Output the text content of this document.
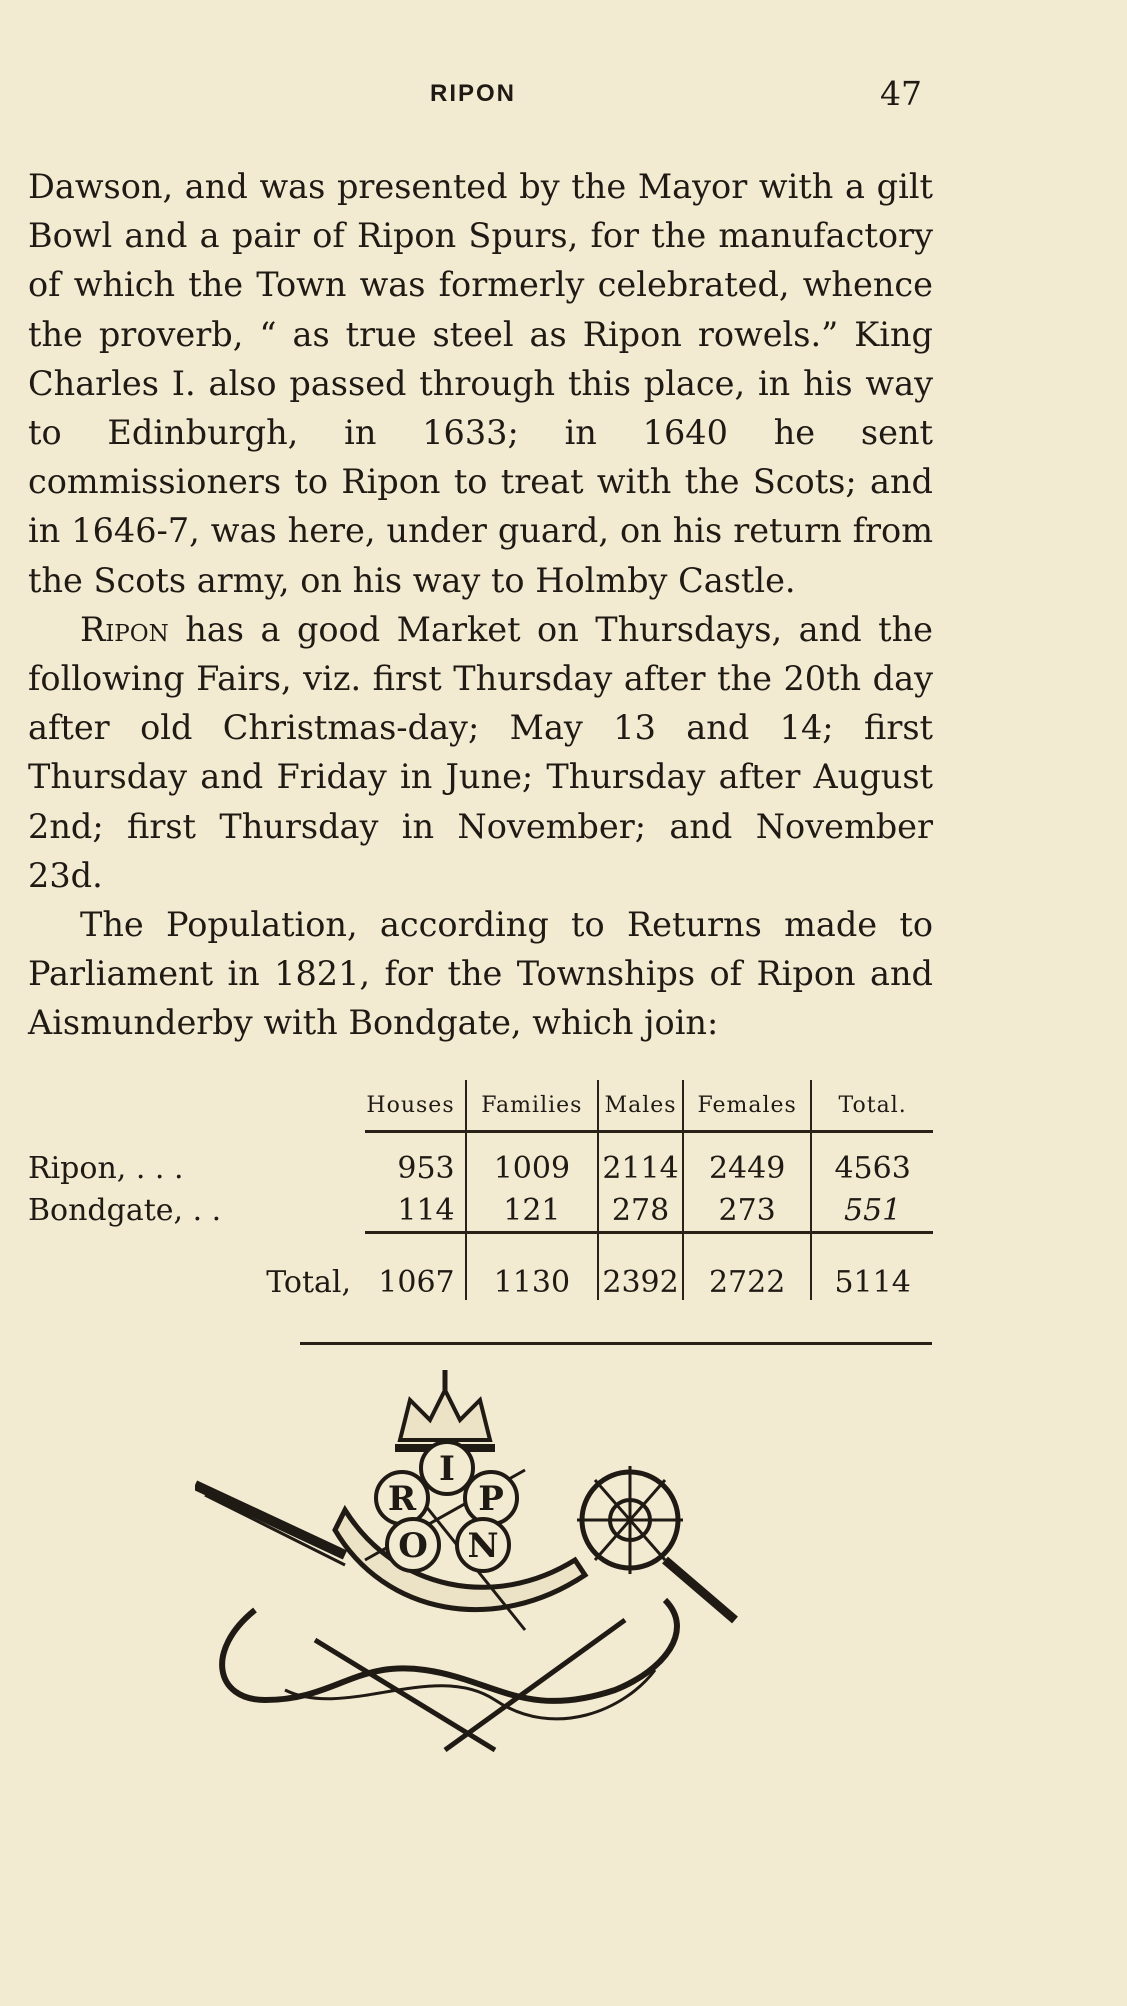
RIPON	47

Dawson, and was presented by the Mayor with a gilt Bowl and a pair of Ripon Spurs, for the manufactory of which the Town was formerly celebrated, whence the proverb, “ as true steel as Ripon rowels.” King Charles I. also passed through this place, in his way to Edinburgh, in 1633; in 1640 he sent commissioners to Ripon to treat with the Scots; and in 1646-7, was here, under guard, on his return from the Scots army, on his way to Holmby Castle.

Ripon has a good Market on Thursdays, and the following Fairs, viz. first Thursday after the 20th day after old Christmas-day; May 13 and 14; first Thursday and Friday in June; Thursday after August 2nd; first Thursday in November; and November 23d.

The Population, according to Returns made to Parliament in 1821, for the Townships of Ripon and Aismunderby with Bondgate, which join:

	Houses	Families	Males	Females	Total.

Ripon, . . .	953	1009	2114	2449	4563
Bondgate, . .	114	121	278	273	551

Total,	1067	1130	2392	2722	5114
R
I
P
O N
